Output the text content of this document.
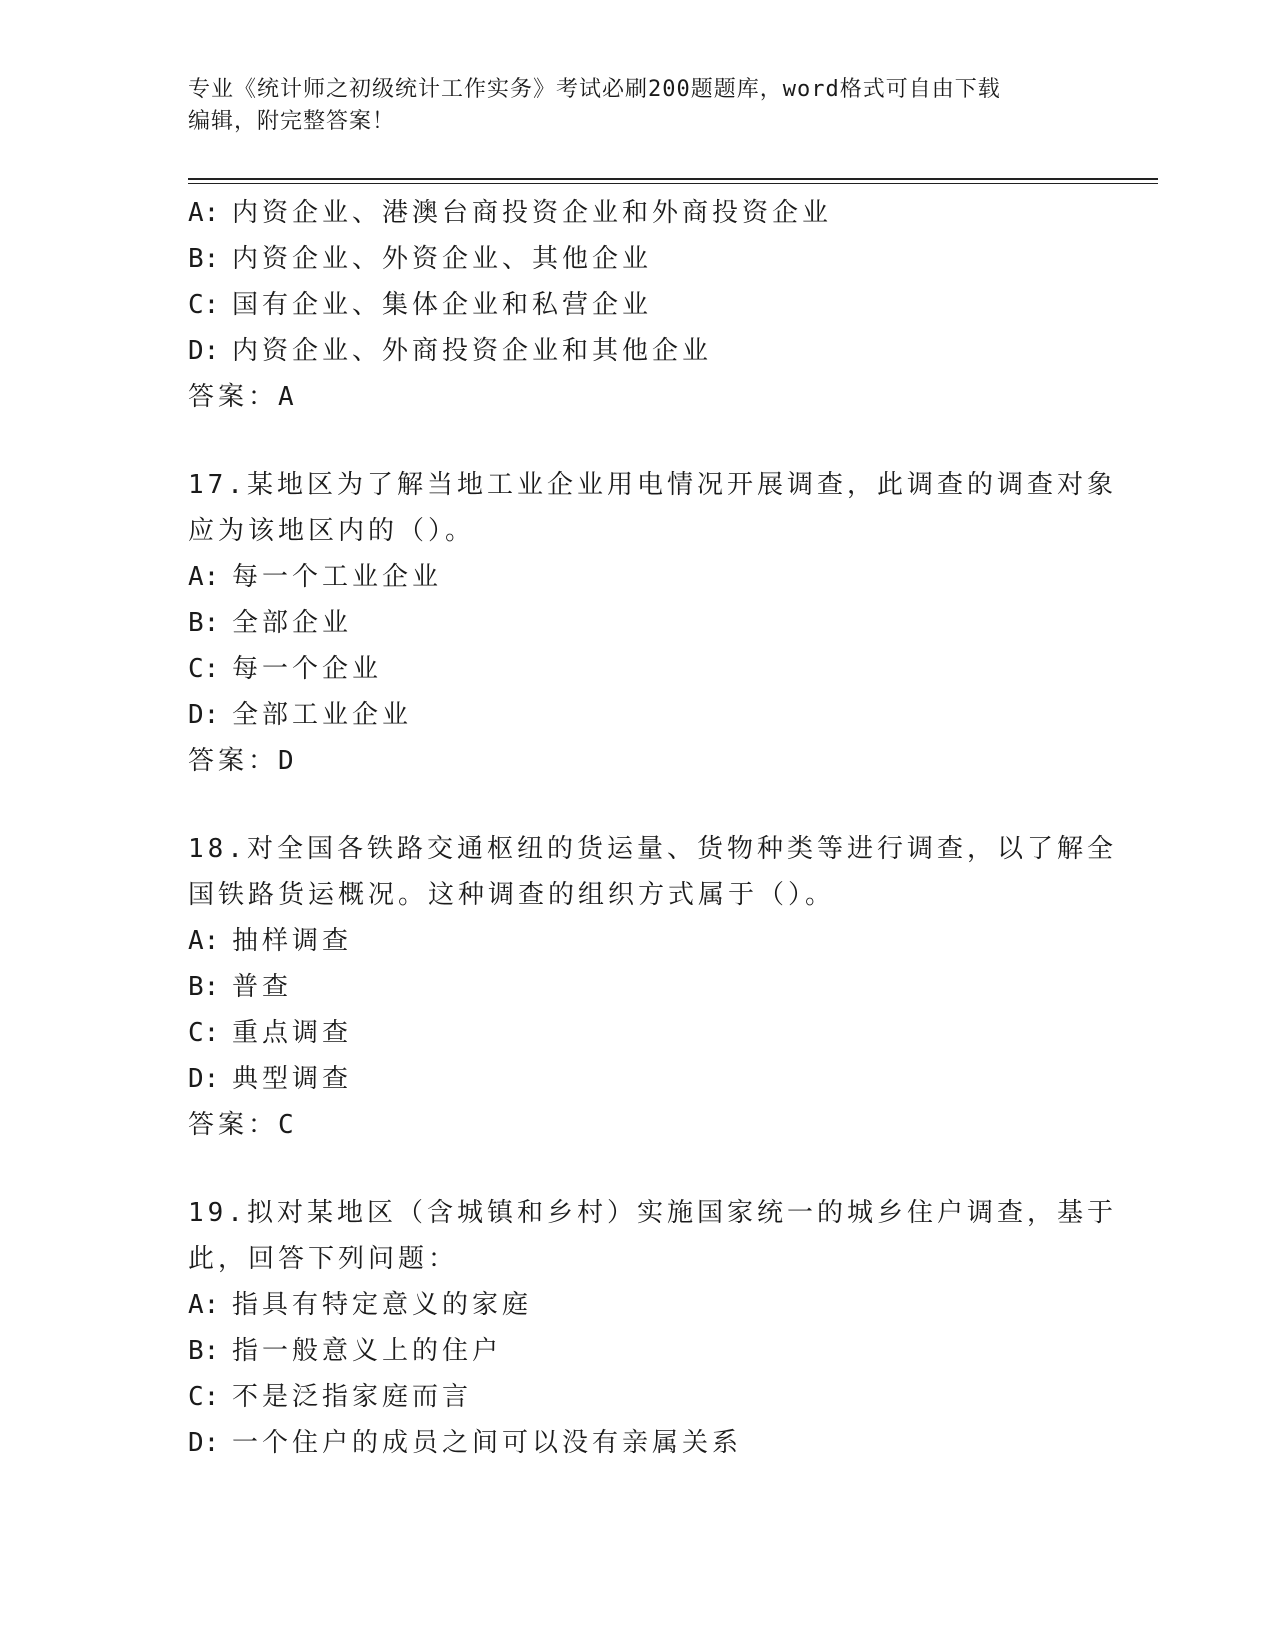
专业《统计师之初级统计工作实务》考试必刷200题题库，word格式可自由下载
编辑，附完整答案！
A: 内资企业、港澳台商投资企业和外商投资企业
B: 内资企业、外资企业、其他企业
C: 国有企业、集体企业和私营企业
D: 内资企业、外商投资企业和其他企业
答案：A
17.某地区为了解当地工业企业用电情况开展调查，此调查的调查对象
应为该地区内的（）。
A: 每一个工业企业
B: 全部企业
C: 每一个企业
D: 全部工业企业
答案：D
18.对全国各铁路交通枢纽的货运量、货物种类等进行调查，以了解全
国铁路货运概况。这种调查的组织方式属于（）。
A: 抽样调查
B: 普查
C: 重点调查
D: 典型调查
答案：C
19.拟对某地区（含城镇和乡村）实施国家统一的城乡住户调查，基于
此，回答下列问题：
A: 指具有特定意义的家庭
B: 指一般意义上的住户
C: 不是泛指家庭而言
D: 一个住户的成员之间可以没有亲属关系
